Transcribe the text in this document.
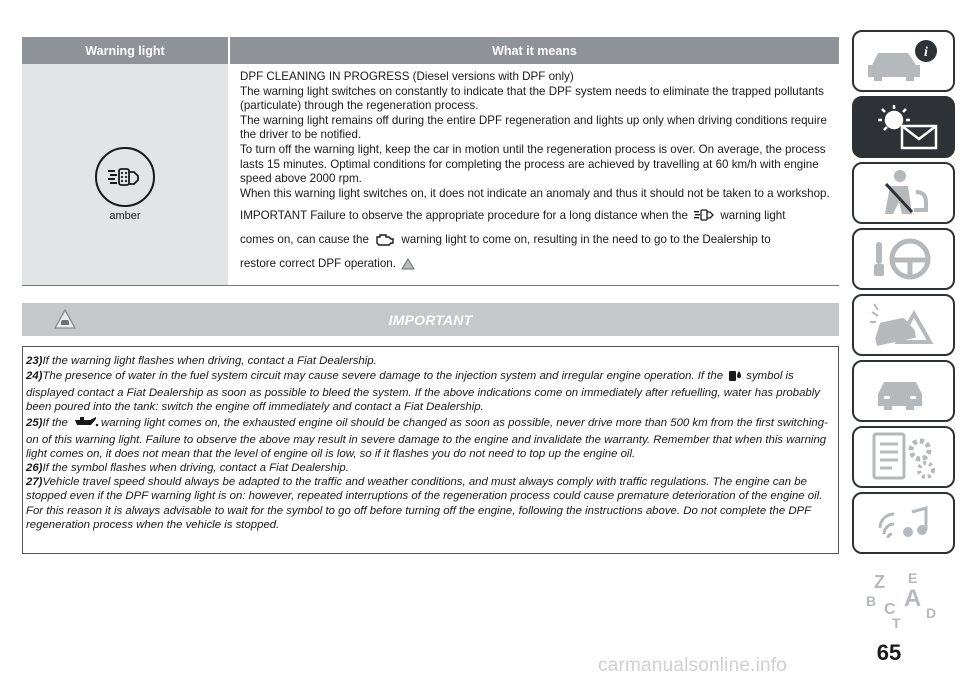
Warning light	What it means
amber
DPF CLEANING IN PROGRESS (Diesel versions with DPF only)
The warning light switches on constantly to indicate that the DPF system needs to eliminate the trapped pollutants (particulate) through the regeneration process.
The warning light remains off during the entire DPF regeneration and lights up only when driving conditions require the driver to be notified.
To turn off the warning light, keep the car in motion until the regeneration process is over. On average, the process lasts 15 minutes. Optimal conditions for completing the process are achieved by travelling at 60 km/h with engine speed above 2000 rpm.
When this warning light switches on, it does not indicate an anomaly and thus it should not be taken to a workshop.
IMPORTANT Failure to observe the appropriate procedure for a long distance when the	warning light
comes on, can cause the	warning light to come on, resulting in the need to go to the Dealership to
restore correct DPF operation.
IMPORTANT
23)If the warning light flashes when driving, contact a Fiat Dealership.
24)The presence of water in the fuel system circuit may cause severe damage to the injection system and irregular engine operation. If the symbol is displayed contact a Fiat Dealership as soon as possible to bleed the system. If the above indications come on immediately after refuelling, water has probably been poured into the tank: switch the engine off immediately and contact a Fiat Dealership.
25)If the	warning light comes on, the exhausted engine oil should be changed as soon as possible, never drive more than 500 km from the first switching-on of this warning light. Failure to observe the above may result in severe damage to the engine and invalidate the warranty. Remember that when this warning light comes on, it does not mean that the level of engine oil is low, so if it flashes you do not need to top up the engine oil.
26)If the symbol flashes when driving, contact a Fiat Dealership.
27)Vehicle travel speed should always be adapted to the traffic and weather conditions, and must always comply with traffic regulations. The engine can be stopped even if the DPF warning light is on: however, repeated interruptions of the regeneration process could cause premature deterioration of the engine oil. For this reason it is always advisable to wait for the symbol to go off before turning off the engine, following the instructions above. Do not complete the DPF regeneration process when the vehicle is stopped.
i
Z E
B A
C D
T
65
carmanualsonline.info
